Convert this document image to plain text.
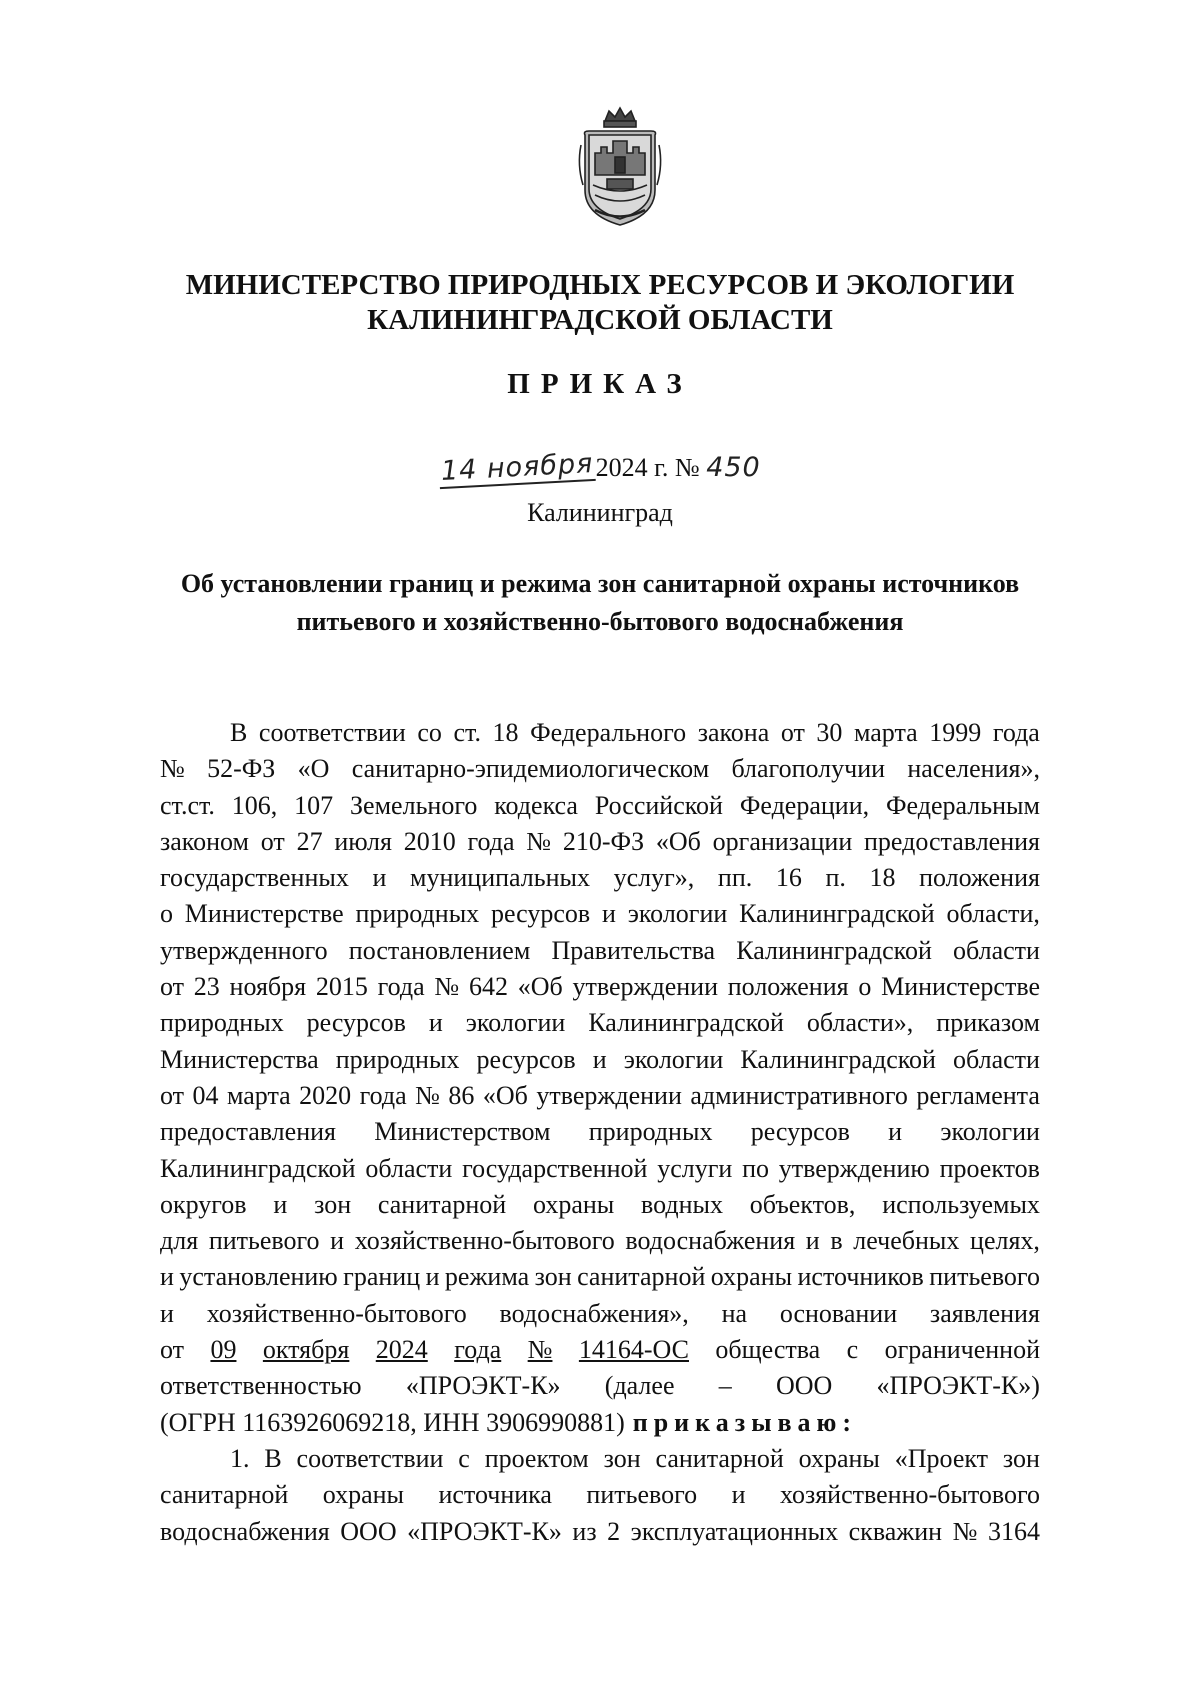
МИНИСТЕРСТВО ПРИРОДНЫХ РЕСУРСОВ И ЭКОЛОГИИ
КАЛИНИНГРАДСКОЙ ОБЛАСТИ
ПРИКАЗ
14 ноября2024 г. № 450
Калининград
Об установлении границ и режима зон санитарной охраны источников
питьевого и хозяйственно-бытового водоснабжения
В соответствии со ст. 18 Федерального закона от 30 марта 1999 года
№ 52-ФЗ «О санитарно-эпидемиологическом благополучии населения»,
ст.ст. 106, 107 Земельного кодекса Российской Федерации, Федеральным
законом от 27 июля 2010 года № 210-ФЗ «Об организации предоставления
государственных и муниципальных услуг», пп. 16 п. 18 положения
о Министерстве природных ресурсов и экологии Калининградской области,
утвержденного постановлением Правительства Калининградской области
от 23 ноября 2015 года № 642 «Об утверждении положения о Министерстве
природных ресурсов и экологии Калининградской области», приказом
Министерства природных ресурсов и экологии Калининградской области
от 04 марта 2020 года № 86 «Об утверждении административного регламента
предоставления Министерством природных ресурсов и экологии
Калининградской области государственной услуги по утверждению проектов
округов и зон санитарной охраны водных объектов, используемых
для питьевого и хозяйственно-бытового водоснабжения и в лечебных целях,
и установлению границ и режима зон санитарной охраны источников питьевого
и хозяйственно-бытового водоснабжения», на основании заявления
от 09 октября 2024 года № 14164-ОС общества с ограниченной
ответственностью «ПРОЭКТ-К» (далее – ООО «ПРОЭКТ-К»)
(ОГРН 1163926069218, ИНН 3906990881) приказываю:
1. В соответствии с проектом зон санитарной охраны «Проект зон
санитарной охраны источника питьевого и хозяйственно-бытового
водоснабжения ООО «ПРОЭКТ-К» из 2 эксплуатационных скважин № 3164
